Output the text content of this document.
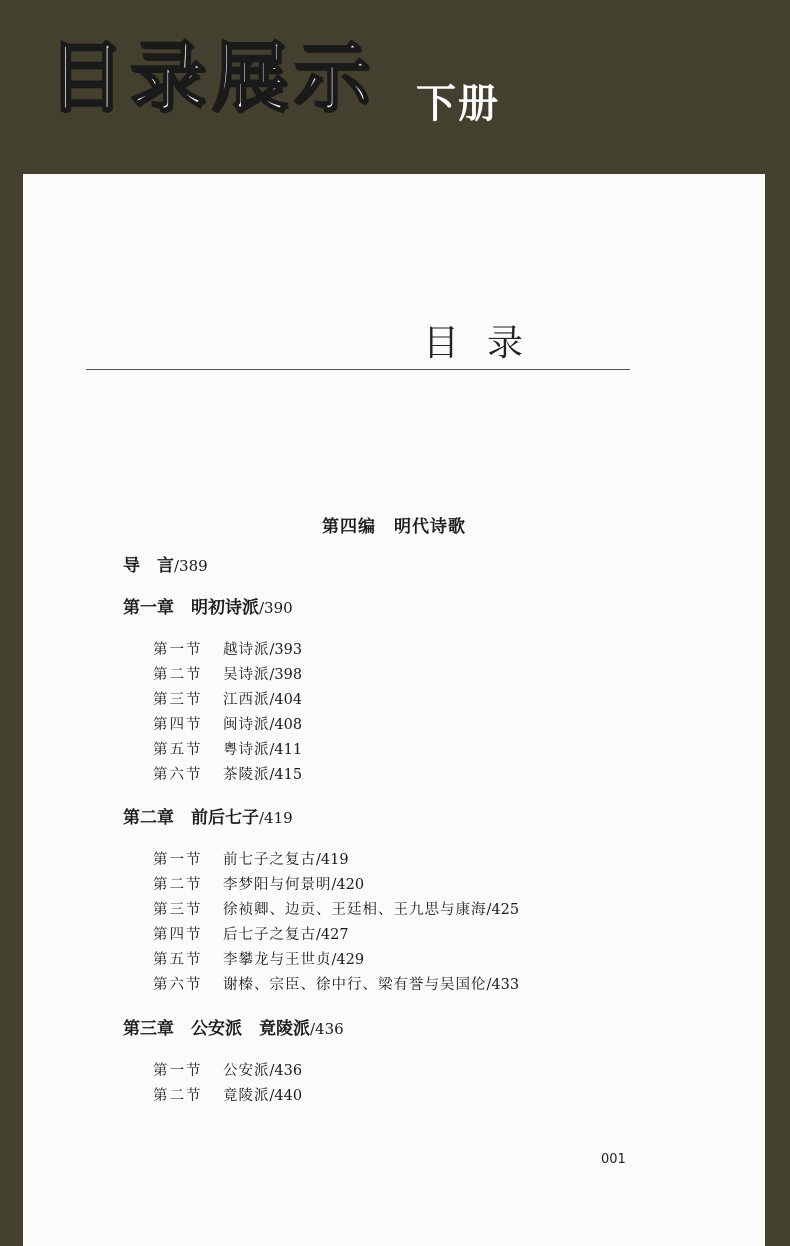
目录展示 下册
目录
第四编　明代诗歌
导　言/389
第一章　明初诗派/390
第一节 越诗派/393
第二节 吴诗派/398
第三节 江西派/404
第四节 闽诗派/408
第五节 粤诗派/411
第六节 茶陵派/415
第二章　前后七子/419
第一节 前七子之复古/419
第二节 李梦阳与何景明/420
第三节 徐祯卿、边贡、王廷相、王九思与康海/425
第四节 后七子之复古/427
第五节 李攀龙与王世贞/429
第六节 谢榛、宗臣、徐中行、梁有誉与吴国伦/433
第三章　公安派　竟陵派/436
第一节 公安派/436
第二节 竟陵派/440
001
